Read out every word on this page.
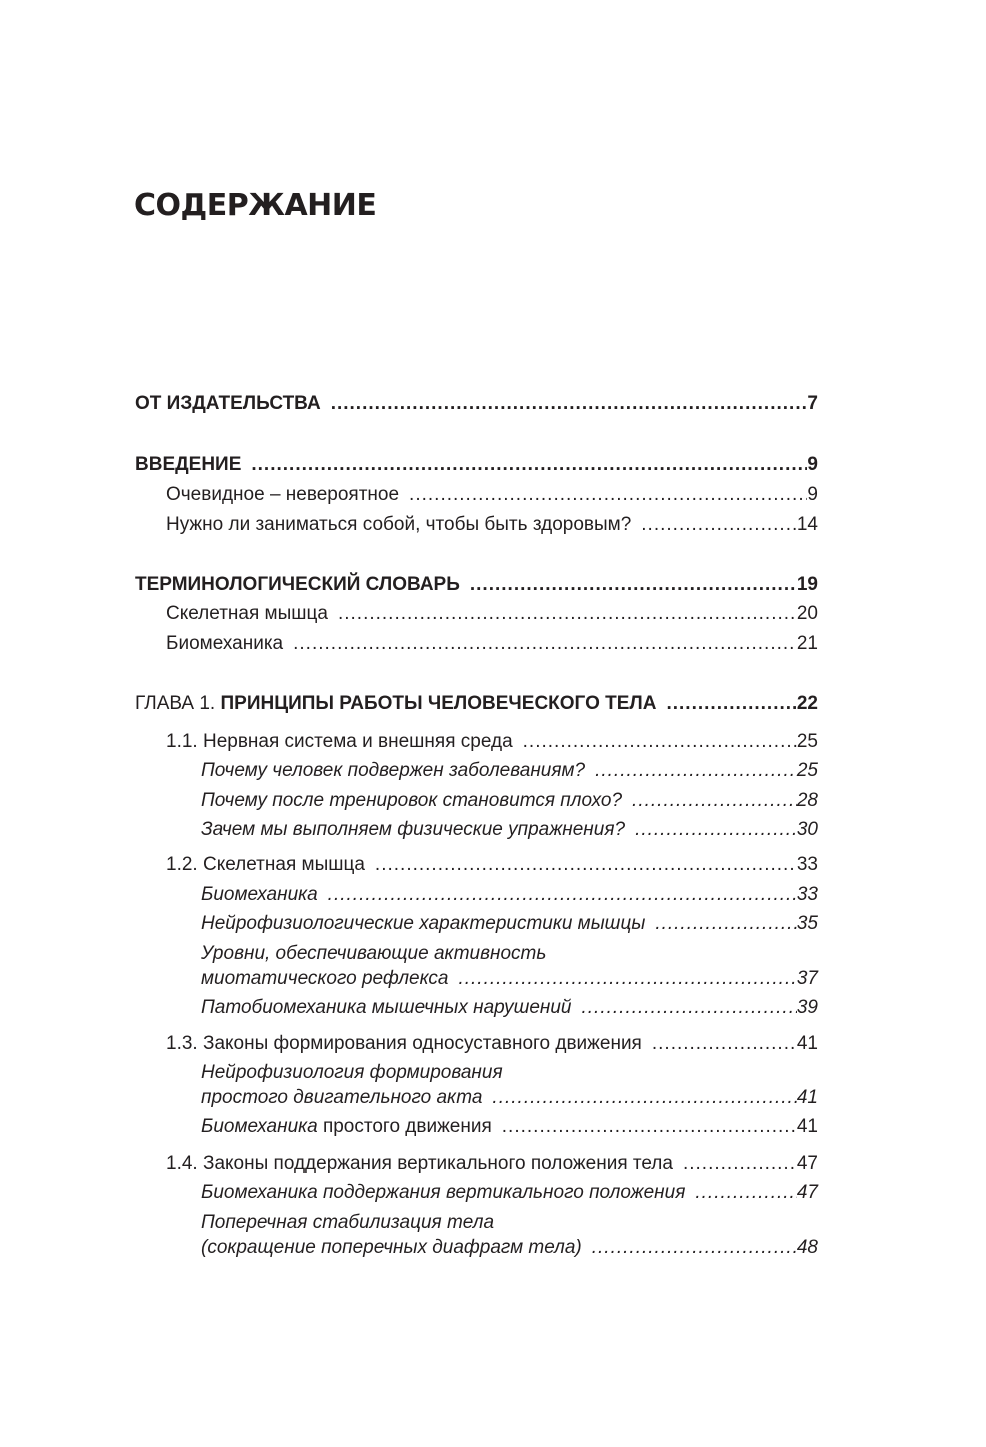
СОДЕРЖАНИЕ
ОТ ИЗДАТЕЛЬСТВА .....	7
ВВЕДЕНИЕ .....	9
Очевидное – невероятное .....	9
Нужно ли заниматься собой, чтобы быть здоровым? .....	14
ТЕРМИНОЛОГИЧЕСКИЙ СЛОВАРЬ .....	19
Скелетная мышца .....	20
Биомеханика .....	21
ГЛАВА 1. ПРИНЦИПЫ РАБОТЫ ЧЕЛОВЕЧЕСКОГО ТЕЛА .....	22
1.1. Нервная система и внешняя среда .....	25
Почему человек подвержен заболеваниям? .....	25
Почему после тренировок становится плохо? .....	28
Зачем мы выполняем физические упражнения? .....	30
1.2. Скелетная мышца .....	33
Биомеханика .....	33
Нейрофизиологические характеристики мышцы .....	35
Уровни, обеспечивающие активность
миотатического рефлекса .....	37
Патобиомеханика мышечных нарушений .....	39
1.3. Законы формирования односуставного движения .....	41
Нейрофизиология формирования
простого двигательного акта .....	41
Биомеханика простого движения .....	41
1.4. Законы поддержания вертикального положения тела .....	47
Биомеханика поддержания вертикального положения .....	47
Поперечная стабилизация тела
(сокращение поперечных диафрагм тела) .....	48
